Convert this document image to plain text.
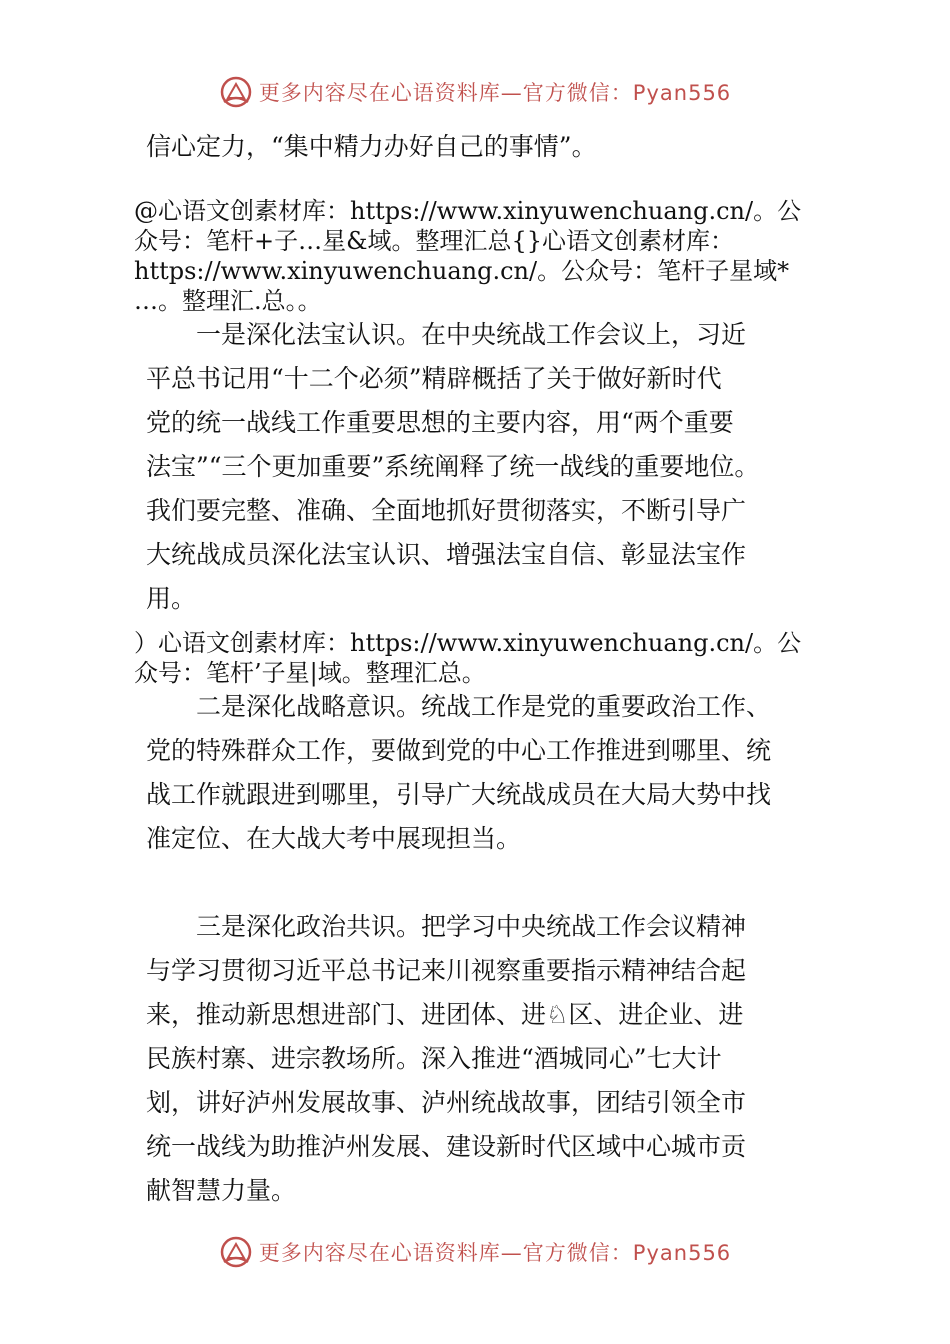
更多内容尽在心语资料库—官方微信：Pyan556
信心定力，“集中精力办好自己的事情”。
@心语文创素材库：https://www.xinyuwenchuang.cn/。公
众号：笔杆+子…星&域。整理汇总{}心语文创素材库：
https://www.xinyuwenchuang.cn/。公众号：笔杆子星域*
…。整理汇.总。。
一是深化法宝认识。在中央统战工作会议上，习近
平总书记用“十二个必须”精辟概括了关于做好新时代
党的统一战线工作重要思想的主要内容，用“两个重要
法宝”“三个更加重要”系统阐释了统一战线的重要地位。
我们要完整、准确、全面地抓好贯彻落实，不断引导广
大统战成员深化法宝认识、增强法宝自信、彰显法宝作
用。
）心语文创素材库：https://www.xinyuwenchuang.cn/。公
众号：笔杆’子星|域。整理汇总。
二是深化战略意识。统战工作是党的重要政治工作、
党的特殊群众工作，要做到党的中心工作推进到哪里、统
战工作就跟进到哪里，引导广大统战成员在大局大势中找
准定位、在大战大考中展现担当。
三是深化政治共识。把学习中央统战工作会议精神
与学习贯彻习近平总书记来川视察重要指示精神结合起
来，推动新思想进部门、进团体、进♘区、进企业、进
民族村寨、进宗教场所。深入推进“酒城同心”七大计
划，讲好泸州发展故事、泸州统战故事，团结引领全市
统一战线为助推泸州发展、建设新时代区域中心城市贡
献智慧力量。
更多内容尽在心语资料库—官方微信：Pyan556
